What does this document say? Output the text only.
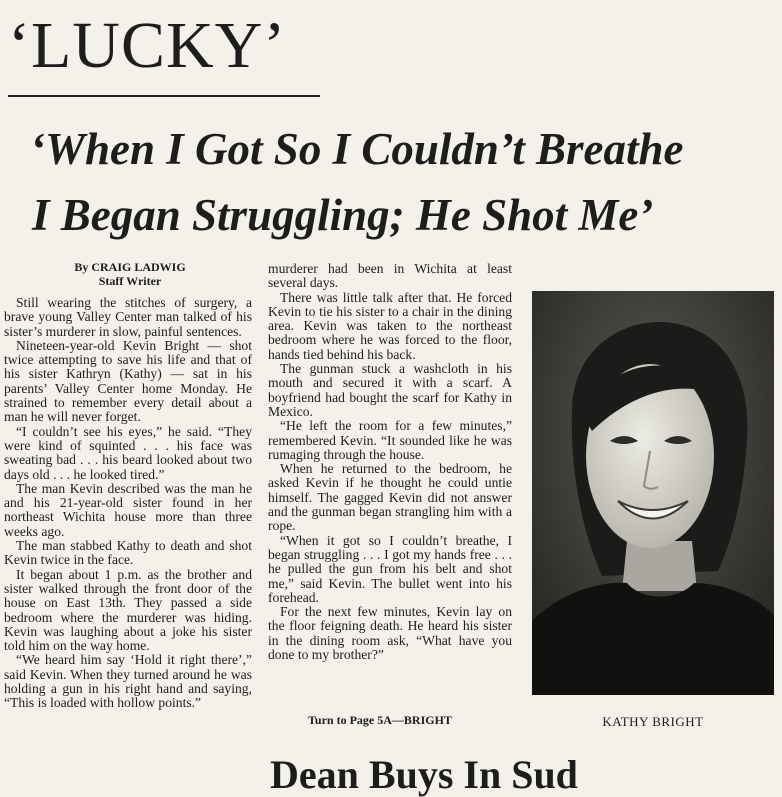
‘LUCKY’
‘When I Got So I Couldn’t Breathe
I Began Struggling; He Shot Me’
By CRAIG LADWIG
Staff Writer

Still wearing the stitches of surgery, a brave young Valley Center man talked of his sister’s murderer in slow, painful sentences.

Nineteen-year-old Kevin Bright — shot twice attempting to save his life and that of his sister Kathryn (Kathy) — sat in his parents’ Valley Center home Monday. He strained to remember every detail about a man he will never forget.

“I couldn’t see his eyes,” he said. “They were kind of squinted . . . his face was sweating bad . . . his beard looked about two days old . . . he looked tired.”

The man Kevin described was the man he and his 21-year-old sister found in her northeast Wichita house more than three weeks ago.

The man stabbed Kathy to death and shot Kevin twice in the face.

It began about 1 p.m. as the brother and sister walked through the front door of the house on East 13th. They passed a side bedroom where the murderer was hiding. Kevin was laughing about a joke his sister told him on the way home.

“We heard him say ‘Hold it right there’,” said Kevin. When they turned around he was holding a gun in his right hand and saying, “This is loaded with hollow points.”

murderer had been in Wichita at least several days.

There was little talk after that. He forced Kevin to tie his sister to a chair in the dining area. Kevin was taken to the northeast bedroom where he was forced to the floor, hands tied behind his back.

The gunman stuck a washcloth in his mouth and secured it with a scarf. A boyfriend had bought the scarf for Kathy in Mexico.

“He left the room for a few minutes,” remembered Kevin. “It sounded like he was rumaging through the house.

When he returned to the bedroom, he asked Kevin if he thought he could untie himself. The gagged Kevin did not answer and the gunman began strangling him with a rope.

“When it got so I couldn’t breathe, I began struggling . . . I got my hands free . . . he pulled the gun from his belt and shot me,” said Kevin. The bullet went into his forehead.

For the next few minutes, Kevin lay on the floor feigning death. He heard his sister in the dining room ask, “What have you done to my brother?”

Turn to Page 5A—BRIGHT	KATHY BRIGHT
Dean Buys In Sud
